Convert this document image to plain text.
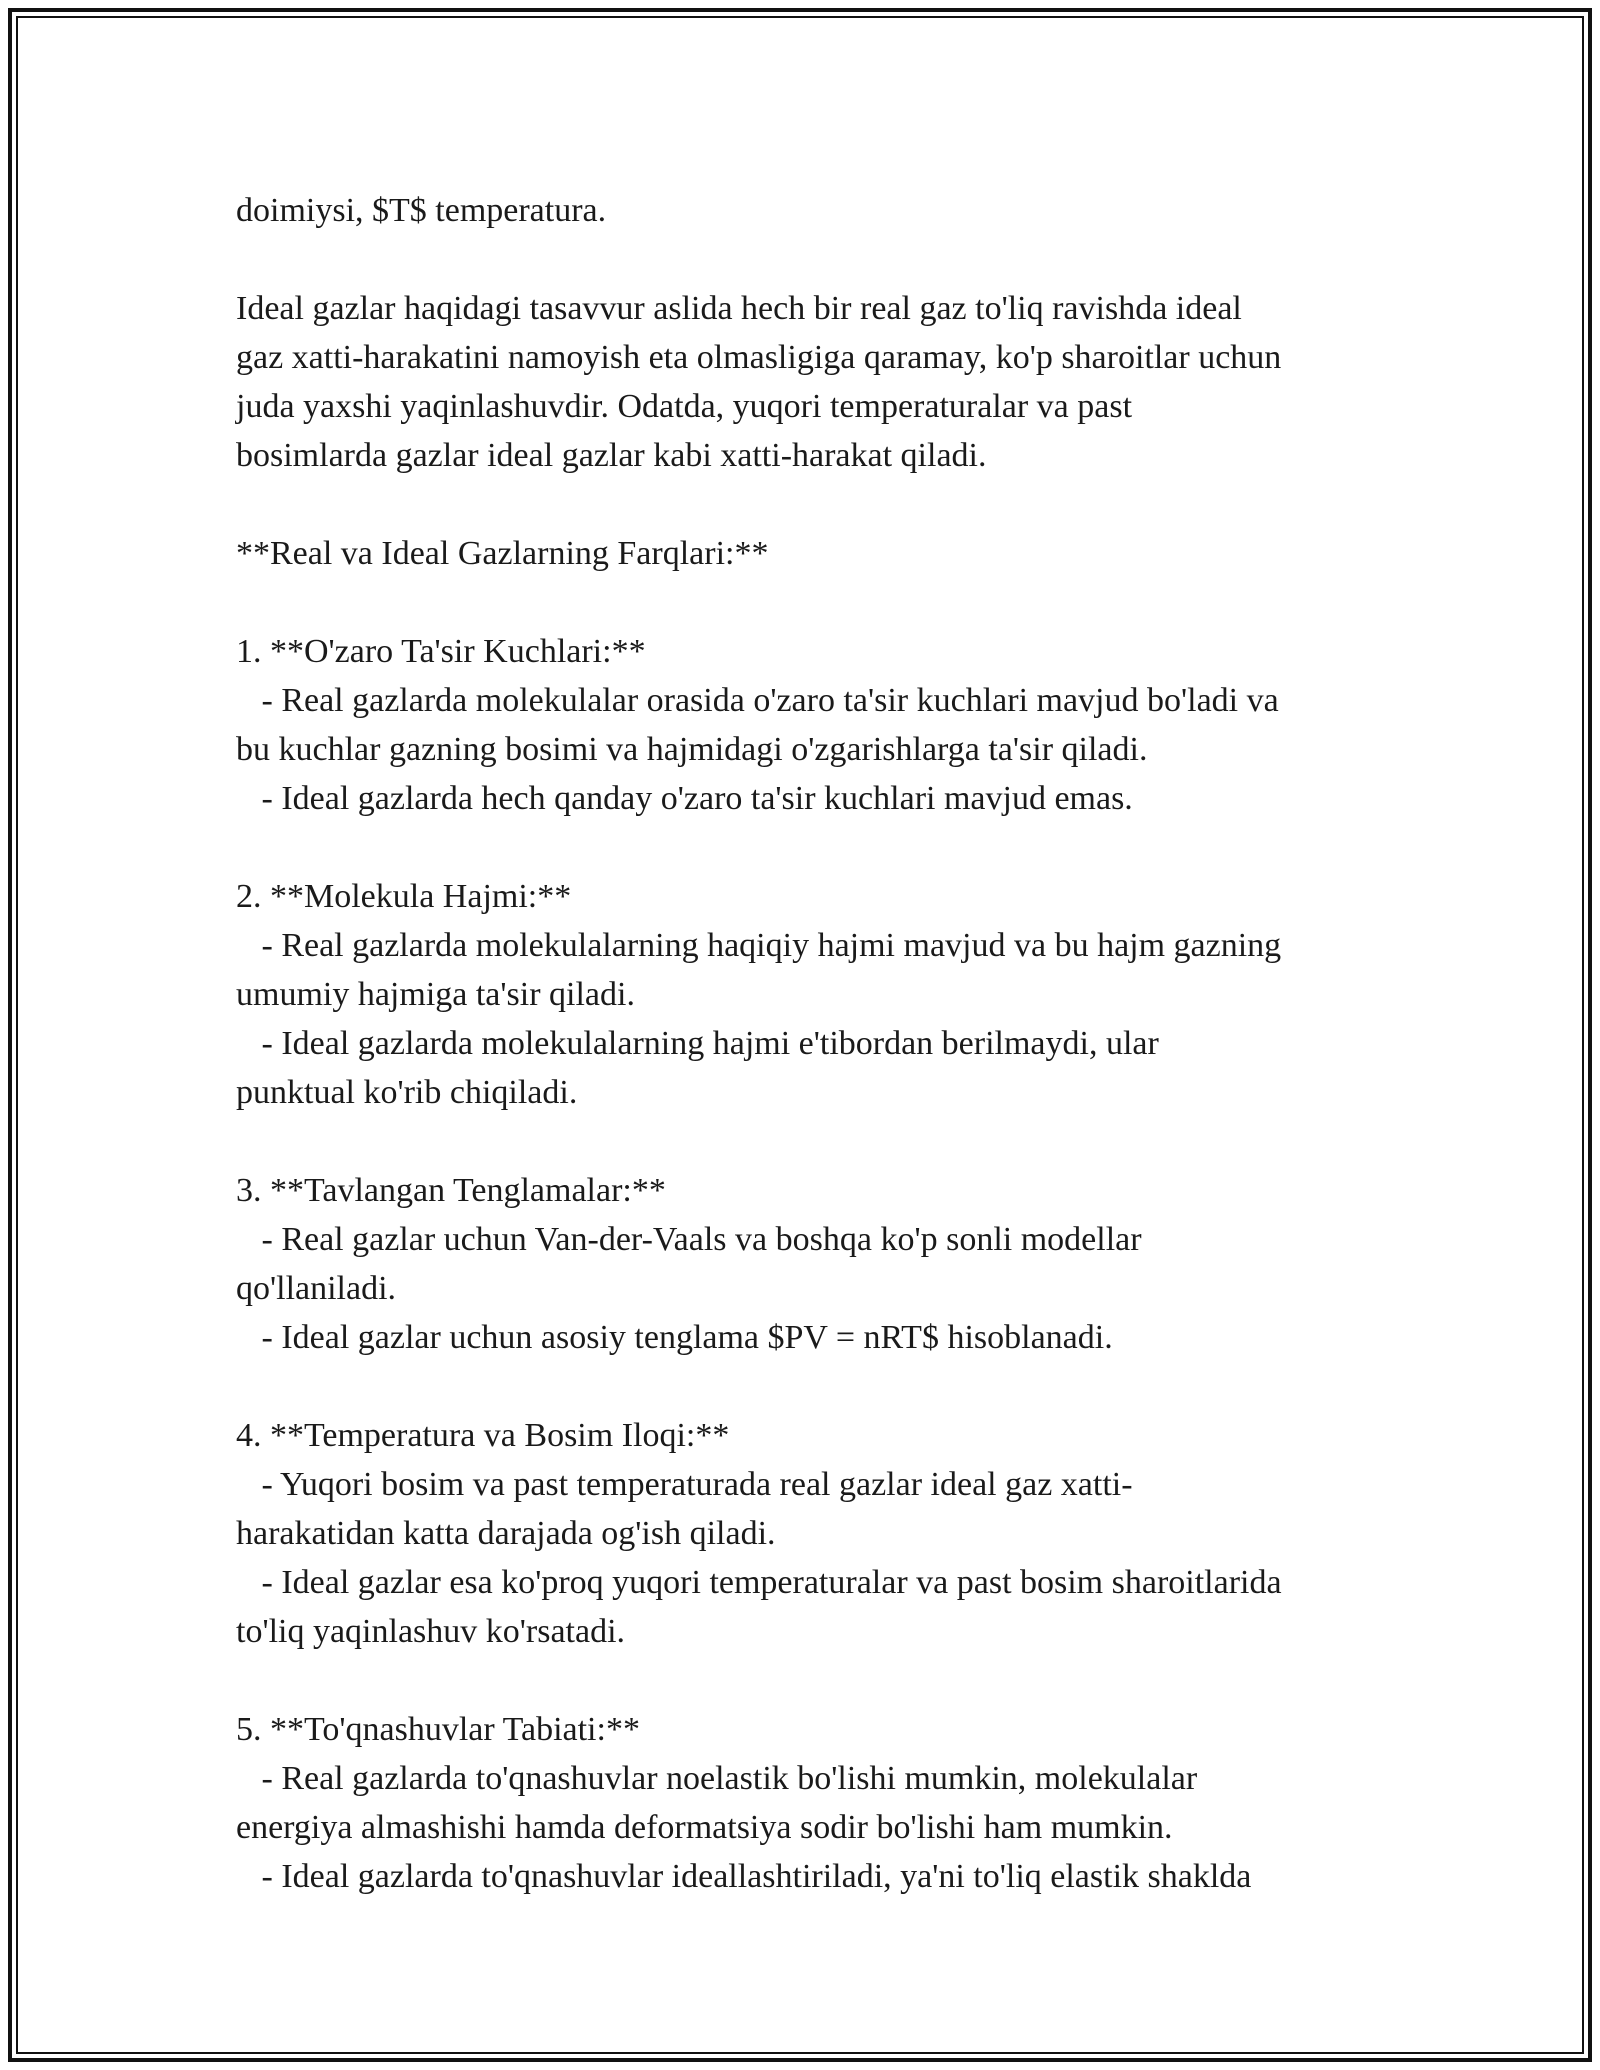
doimiysi, $T$ temperatura.
Ideal gazlar haqidagi tasavvur aslida hech bir real gaz to'liq ravishda ideal
gaz xatti-harakatini namoyish eta olmasligiga qaramay, ko'p sharoitlar uchun
juda yaxshi yaqinlashuvdir. Odatda, yuqori temperaturalar va past
bosimlarda gazlar ideal gazlar kabi xatti-harakat qiladi.
**Real va Ideal Gazlarning Farqlari:**
1. **O'zaro Ta'sir Kuchlari:**
- Real gazlarda molekulalar orasida o'zaro ta'sir kuchlari mavjud bo'ladi va
bu kuchlar gazning bosimi va hajmidagi o'zgarishlarga ta'sir qiladi.
- Ideal gazlarda hech qanday o'zaro ta'sir kuchlari mavjud emas.
2. **Molekula Hajmi:**
- Real gazlarda molekulalarning haqiqiy hajmi mavjud va bu hajm gazning
umumiy hajmiga ta'sir qiladi.
- Ideal gazlarda molekulalarning hajmi e'tibordan berilmaydi, ular
punktual ko'rib chiqiladi.
3. **Tavlangan Tenglamalar:**
- Real gazlar uchun Van-der-Vaals va boshqa ko'p sonli modellar
qo'llaniladi.
- Ideal gazlar uchun asosiy tenglama $PV = nRT$ hisoblanadi.
4. **Temperatura va Bosim Iloqi:**
- Yuqori bosim va past temperaturada real gazlar ideal gaz xatti-
harakatidan katta darajada og'ish qiladi.
- Ideal gazlar esa ko'proq yuqori temperaturalar va past bosim sharoitlarida
to'liq yaqinlashuv ko'rsatadi.
5. **To'qnashuvlar Tabiati:**
- Real gazlarda to'qnashuvlar noelastik bo'lishi mumkin, molekulalar
energiya almashishi hamda deformatsiya sodir bo'lishi ham mumkin.
- Ideal gazlarda to'qnashuvlar ideallashtiriladi, ya'ni to'liq elastik shaklda
